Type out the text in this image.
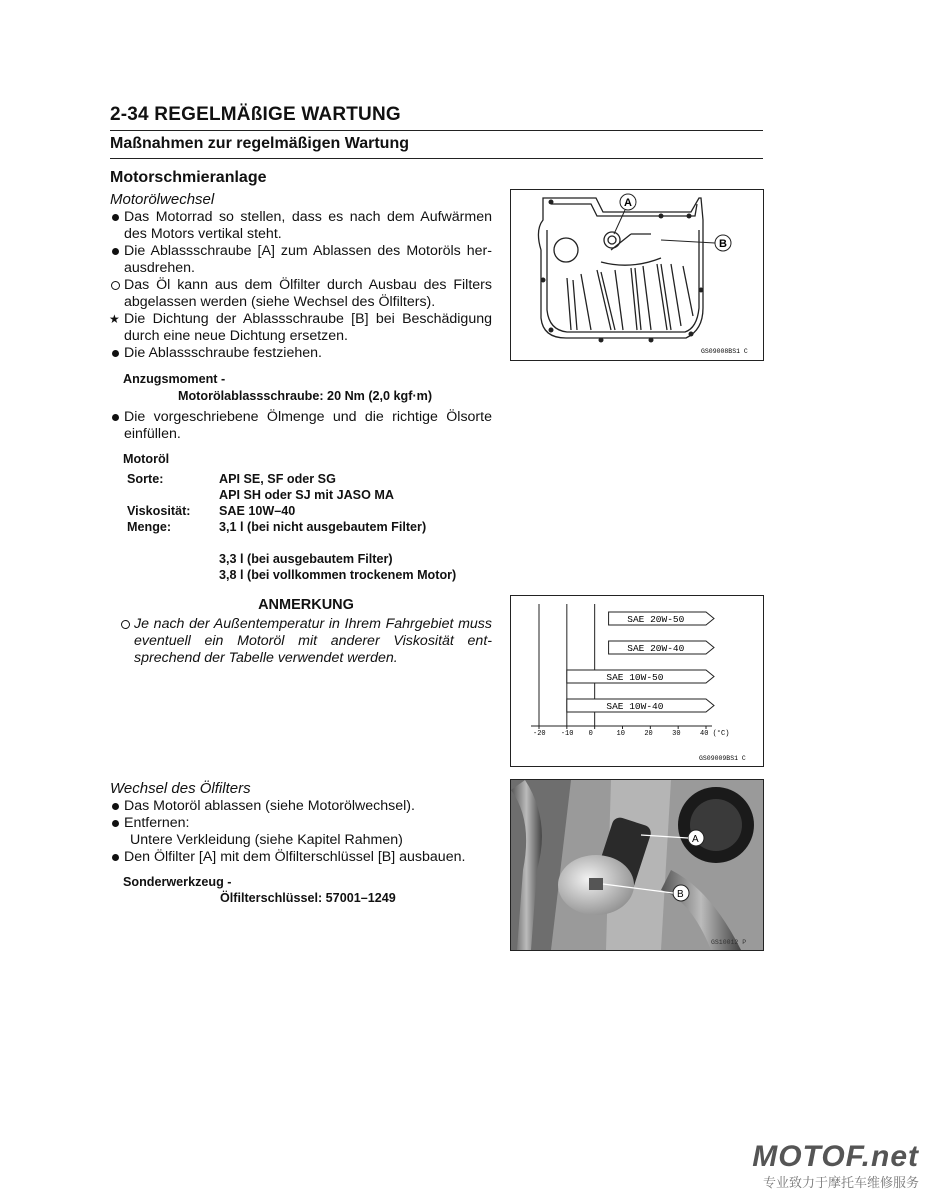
2-34 REGELMÄßIGE WARTUNG
Maßnahmen zur regelmäßigen Wartung
Motorschmieranlage
Motorölwechsel
Das Motorrad so stellen, dass es nach dem Aufwärmen des Motors vertikal steht.
Die Ablassschraube [A] zum Ablassen des Motoröls her-ausdrehen.
Das Öl kann aus dem Ölfilter durch Ausbau des Filters abgelassen werden (siehe Wechsel des Ölfilters).
★ Die Dichtung der Ablassschraube [B] bei Beschädigung durch eine neue Dichtung ersetzen.
Die Ablassschraube festziehen.
Anzugsmoment -
Motorölablassschraube: 20 Nm (2,0 kgf·m)
Die vorgeschriebene Ölmenge und die richtige Ölsorte einfüllen.
Motoröl
Sorte:	API SE, SF oder SG
	API SH oder SJ mit JASO MA
Viskosität:	SAE 10W–40
Menge:	3,1 l (bei nicht ausgebautem Filter)

	3,3 l (bei ausgebautem Filter)
	3,8 l (bei vollkommen trockenem Motor)
ANMERKUNG
Je nach der Außentemperatur in Ihrem Fahrgebiet muss eventuell ein Motoröl mit anderer Viskosität ent-sprechend der Tabelle verwendet werden.
Wechsel des Ölfilters
Das Motoröl ablassen (siehe Motorölwechsel).
Entfernen:
Untere Verkleidung (siehe Kapitel Rahmen)
Den Ölfilter [A] mit dem Ölfilterschlüssel [B] ausbauen.
Sonderwerkzeug -
Ölfilterschlüssel: 57001–1249
A
B
GS09008BS1 C
-20 -10 0	10	20	30	40 (°C)
SAE 20W-50
SAE 20W-40
SAE 10W-50
SAE 10W-40
GS09009BS1 C
A
B
GS10012 P
MOTOF.net
专业致力于摩托车维修服务
